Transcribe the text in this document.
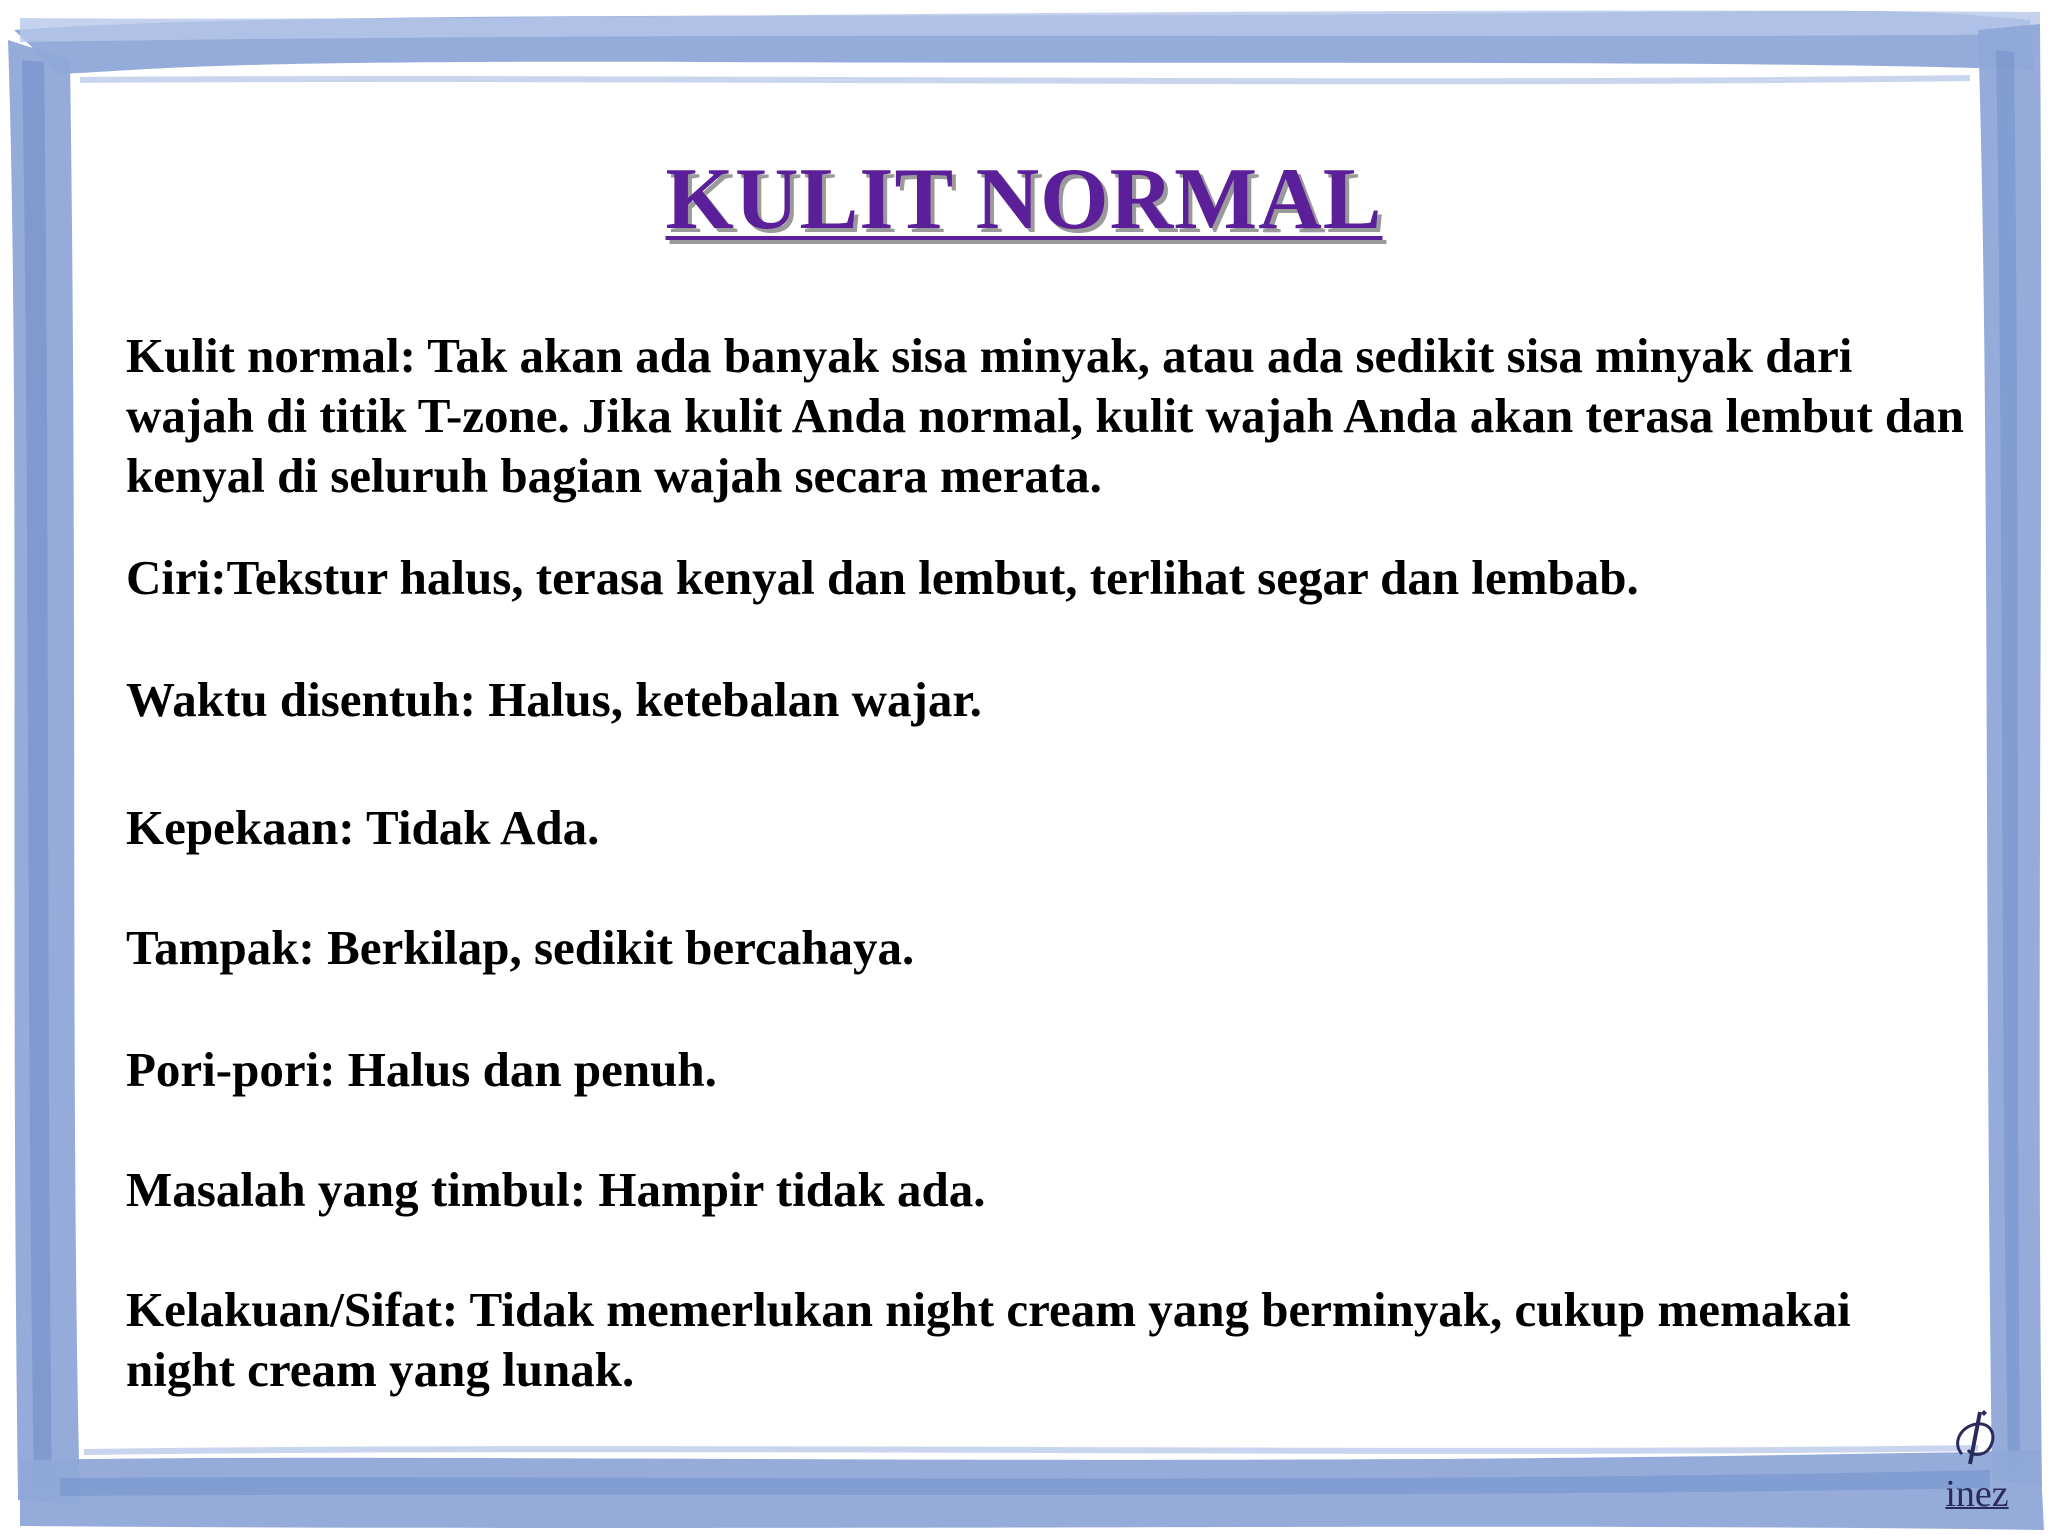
KULIT NORMAL

Kulit normal: Tak akan ada banyak sisa minyak, atau ada sedikit sisa minyak dari wajah di titik T-zone. Jika kulit Anda normal, kulit wajah Anda akan terasa lembut dan kenyal di seluruh bagian wajah secara merata.

Ciri:Tekstur halus, terasa kenyal dan lembut, terlihat segar dan lembab.

Waktu disentuh: Halus, ketebalan wajar.

Kepekaan: Tidak Ada.

Tampak: Berkilap, sedikit bercahaya.

Pori-pori: Halus dan penuh.

Masalah yang timbul: Hampir tidak ada.

Kelakuan/Sifat: Tidak memerlukan night cream yang berminyak, cukup memakai night cream yang lunak.

inez
